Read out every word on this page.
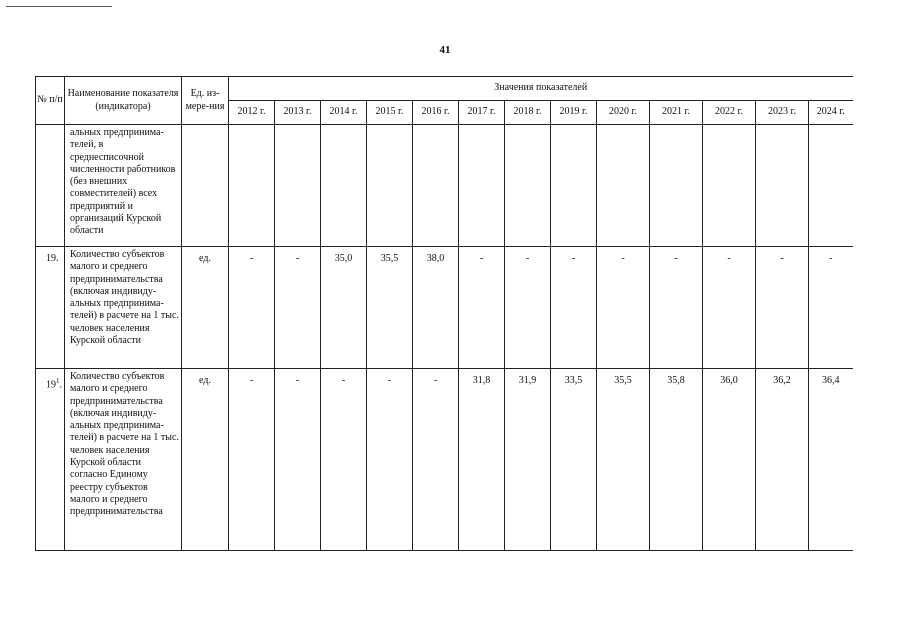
41
№ п/п	Наименование показателя (индикатора)	Ед. из-мере-ния	Значения показателей												
			2012 г.	2013 г.	2014 г.	2015 г.	2016 г.	2017 г.	2018 г.	2019 г.	2020 г.	2021 г.	2022 г.	2023 г.	2024 г.
	альных предпринима-телей, в среднесписочной численности работников (без внешних совместителей) всех предприятий и организаций Курской области														
19.	Количество субъектов малого и среднего предпринимательства (включая индивиду-альных предпринима-телей) в расчете на 1 тыс. человек населения Курской области	ед.	-	-	35,0	35,5	38,0	-	-	-	-	-	-	-	-
$19^1$.	Количество субъектов малого и среднего предпринимательства (включая индивиду-альных предпринима-телей) в расчете на 1 тыс. человек населения Курской области согласно Единому реестру субъектов малого и среднего предпринимательства	ед.	-	-	-	-	-	31,8	31,9	33,5	35,5	35,8	36,0	36,2	36,4
